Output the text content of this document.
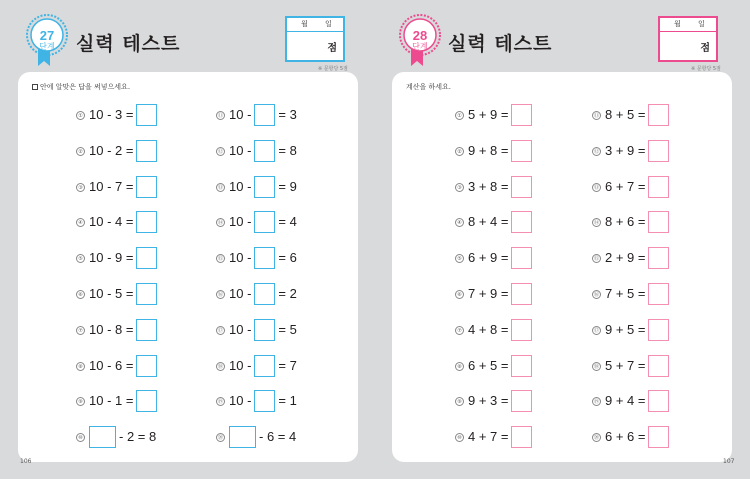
27
단계	실력 테스트
월 일
점
※ 문항당 5점
안에 알맞은 답을 써넣으세요.
① 10 - 3 =
② 10 - 2 =
③ 10 - 7 =
④ 10 - 4 =
⑤ 10 - 9 =
⑥ 10 - 5 =
⑦ 10 - 8 =
⑧ 10 - 6 =
⑨ 10 - 1 =
⑩	- 2 = 8
⑪ 10 - = 3
⑫ 10 - = 8
⑬ 10 - = 9
⑭ 10 - = 4
⑮ 10 - = 6
⑯ 10 - = 2
⑰ 10 - = 5
⑱ 10 - = 7
⑲ 10 - = 1
⑳	- 6 = 4
106
28
단계	실력 테스트
월 일
점
※ 문항당 5점
계산을 하세요.
① 5 + 9 =
② 9 + 8 =
③ 3 + 8 =
④ 8 + 4 =
⑤ 6 + 9 =
⑥ 7 + 9 =
⑦ 4 + 8 =
⑧ 6 + 5 =
⑨ 9 + 3 =
⑩ 4 + 7 =
⑪ 8 + 5 =
⑫ 3 + 9 =
⑬ 6 + 7 =
⑭ 8 + 6 =
⑮ 2 + 9 =
⑯ 7 + 5 =
⑰ 9 + 5 =
⑱ 5 + 7 =
⑲ 9 + 4 =
⑳ 6 + 6 =
107
